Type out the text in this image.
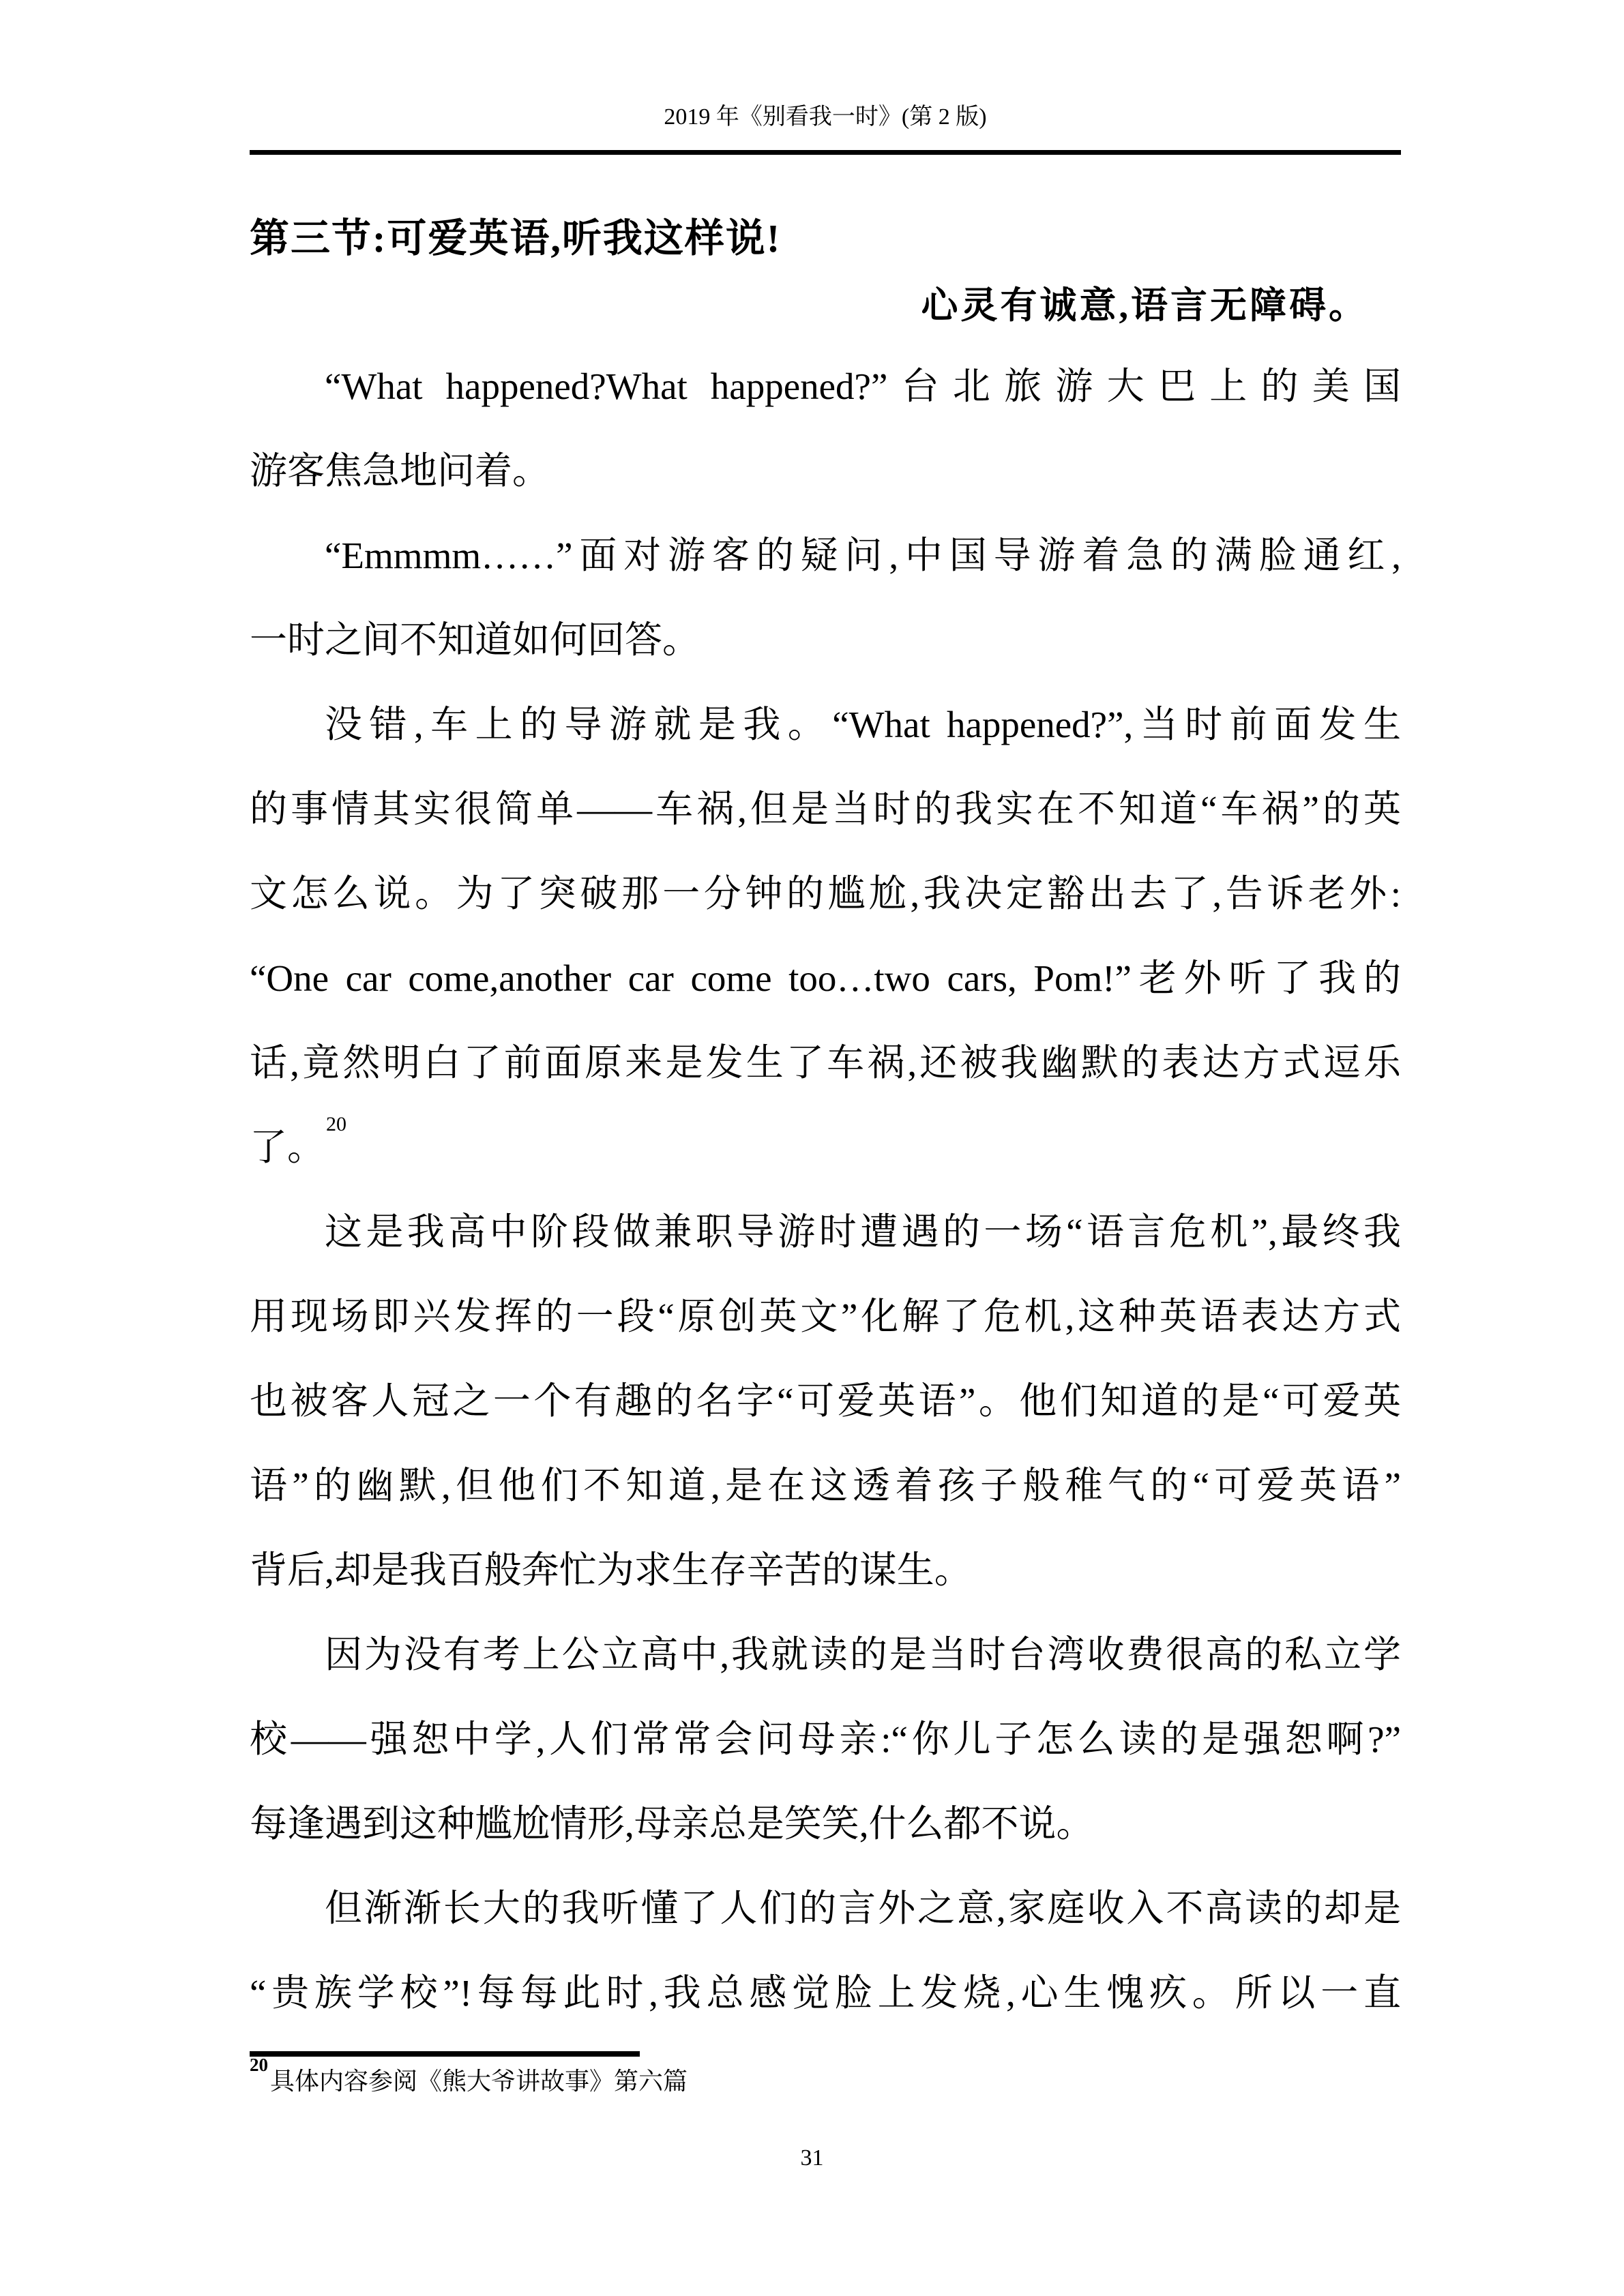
2019 年《别看我一时》(第 2 版)
第三节:可爱英语,听我这样说!
心灵有诚意,语言无障碍。
“What happened?What happened?”台北旅游大巴上的美国
游客焦急地问着。
“Emmmm……”面对游客的疑问,中国导游着急的满脸通红,
一时之间不知道如何回答。
没错,车上的导游就是我。“What happened?”,当时前面发生
的事情其实很简单——车祸,但是当时的我实在不知道“车祸”的英
文怎么说。为了突破那一分钟的尴尬,我决定豁出去了,告诉老外:
“One car come,another car come too…two cars, Pom!”老外听了我的
话,竟然明白了前面原来是发生了车祸,还被我幽默的表达方式逗乐
了。$^{20}$
这是我高中阶段做兼职导游时遭遇的一场“语言危机”,最终我
用现场即兴发挥的一段“原创英文”化解了危机,这种英语表达方式
也被客人冠之一个有趣的名字“可爱英语”。他们知道的是“可爱英
语”的幽默,但他们不知道,是在这透着孩子般稚气的“可爱英语”
背后,却是我百般奔忙为求生存辛苦的谋生。
因为没有考上公立高中,我就读的是当时台湾收费很高的私立学
校——强恕中学,人们常常会问母亲:“你儿子怎么读的是强恕啊?”
每逢遇到这种尴尬情形,母亲总是笑笑,什么都不说。
但渐渐长大的我听懂了人们的言外之意,家庭收入不高读的却是
“贵族学校”!每每此时,我总感觉脸上发烧,心生愧疚。所以一直
$^{20}$具体内容参阅《熊大爷讲故事》第六篇
31
